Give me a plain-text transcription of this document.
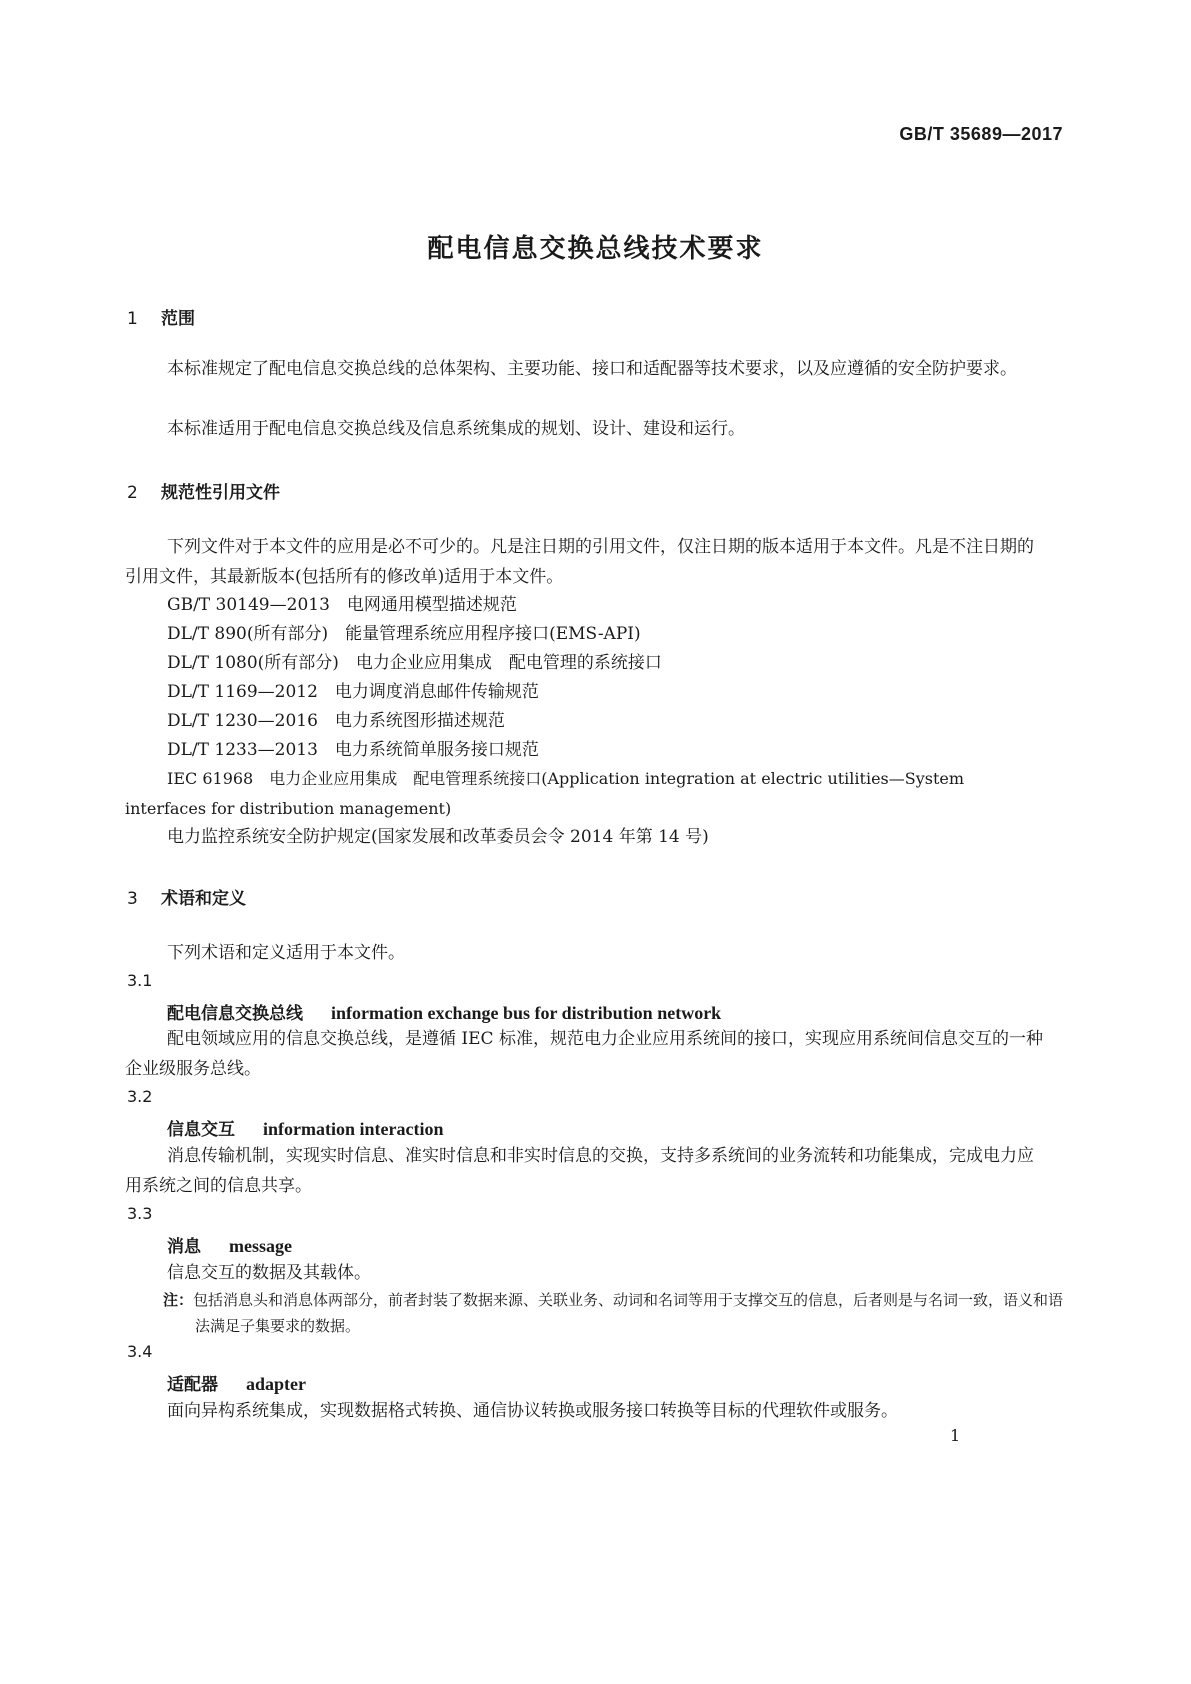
GB/T 35689—2017
配电信息交换总线技术要求
1 范围
本标准规定了配电信息交换总线的总体架构、主要功能、接口和适配器等技术要求，以及应遵循的安全防护要求。
本标准适用于配电信息交换总线及信息系统集成的规划、设计、建设和运行。
2 规范性引用文件
下列文件对于本文件的应用是必不可少的。凡是注日期的引用文件，仅注日期的版本适用于本文件。凡是不注日期的引用文件，其最新版本(包括所有的修改单)适用于本文件。
GB/T 30149—2013　电网通用模型描述规范
DL/T 890(所有部分)　能量管理系统应用程序接口(EMS-API)
DL/T 1080(所有部分)　电力企业应用集成　配电管理的系统接口
DL/T 1169—2012　电力调度消息邮件传输规范
DL/T 1230—2016　电力系统图形描述规范
DL/T 1233—2013　电力系统简单服务接口规范
IEC 61968　电力企业应用集成　配电管理系统接口(Application integration at electric utilities—System interfaces for distribution management)
电力监控系统安全防护规定(国家发展和改革委员会令 2014 年第 14 号)
3 术语和定义
下列术语和定义适用于本文件。
3.1
配电信息交换总线 information exchange bus for distribution network
配电领域应用的信息交换总线，是遵循 IEC 标准，规范电力企业应用系统间的接口，实现应用系统间信息交互的一种企业级服务总线。
3.2
信息交互 information interaction
消息传输机制，实现实时信息、准实时信息和非实时信息的交换，支持多系统间的业务流转和功能集成，完成电力应用系统之间的信息共享。
3.3
消息 message
信息交互的数据及其载体。
注：包括消息头和消息体两部分，前者封装了数据来源、关联业务、动词和名词等用于支撑交互的信息，后者则是与名词一致，语义和语法满足子集要求的数据。
3.4
适配器 adapter
面向异构系统集成，实现数据格式转换、通信协议转换或服务接口转换等目标的代理软件或服务。
1
